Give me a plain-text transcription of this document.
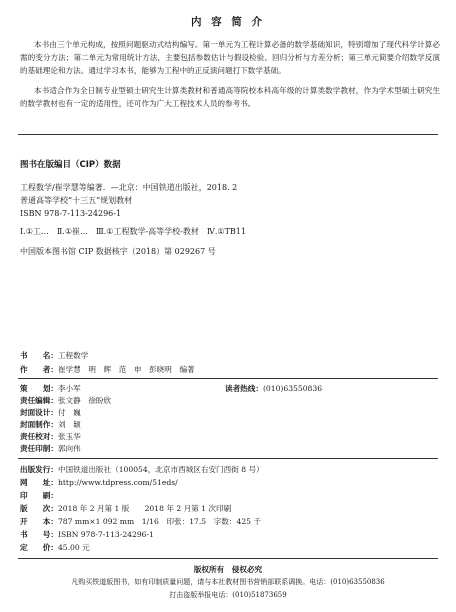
内 容 简 介
本书由三个单元构成，按照问题驱动式结构编写。第一单元为工程计算必备的数学基础知识，特别增加了现代科学计算必需的变分方法；第二单元为常用统计方法，主要包括参数估计与假设检验、回归分析与方差分析；第三单元简要介绍数学反演的基础理论和方法。通过学习本书，能够为工程中的正反演问题打下数学基础。
本书适合作为全日制专业型硕士研究生计算类教材和普通高等院校本科高年级的计算类数学教材，作为学术型硕士研究生的数学教材也有一定的适用性，还可作为广大工程技术人员的参考书。
图书在版编目（CIP）数据
工程数学/崔学慧等编著．—北京：中国铁道出版社，2018. 2
普通高等学校“十三五”规划教材
ISBN 978-7-113-24296-1
Ⅰ.①工…　Ⅱ.①崔…　Ⅲ.①工程数学-高等学校-教材　Ⅳ.①TB11
中国版本图书馆 CIP 数据核字（2018）第 029267 号
书　　名：工程数学
作　　者：崔学慧　明　辉　范　申　彭晓明　编著
策　　划：李小军	读者热线：(010)63550836
责任编辑：张文静　徐盼欣
封面设计：付　巍
封面制作：刘　颖
责任校对：张玉华
责任印制：郭向伟
出版发行：中国铁道出版社（100054，北京市西城区右安门西街 8 号）
网　　址：http://www.tdpress.com/51eds/
印　　刷：
版　　次：2018 年 2 月第 1 版　　2018 年 2 月第 1 次印刷
开　　本：787 mm×1 092 mm　1/16　印张：17.5　字数：425 千
书　　号：ISBN 978-7-113-24296-1
定　　价：45.00 元
版权所有　侵权必究
凡购买铁道版图书，如有印制质量问题，请与本社教材图书营销部联系调换。电话：(010)63550836
打击盗版举报电话：(010)51873659
